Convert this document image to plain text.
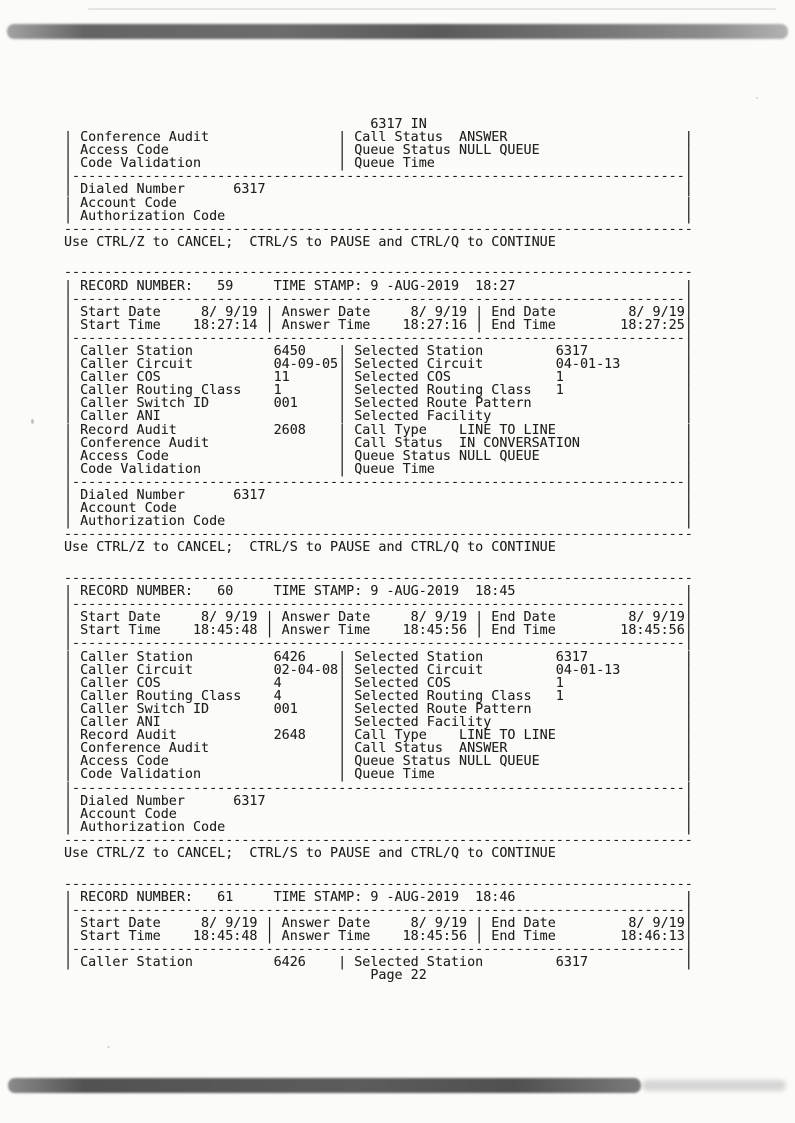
6317 IN
| Conference Audit                | Call Status  ANSWER                      |
| Access Code                     | Queue Status NULL QUEUE                  |
| Code Validation                 | Queue Time                               |
|----------------------------------------------------------------------------|
| Dialed Number      6317                                                    |
| Account Code                                                               |
| Authorization Code                                                         |
------------------------------------------------------------------------------
Use CTRL/Z to CANCEL;  CTRL/S to PAUSE and CTRL/Q to CONTINUE
------------------------------------------------------------------------------
| RECORD NUMBER:   59     TIME STAMP: 9 -AUG-2019  18:27                     |
|----------------------------------------------------------------------------|
| Start Date     8/ 9/19 | Answer Date     8/ 9/19 | End Date         8/ 9/19|
| Start Time    18:27:14 | Answer Time    18:27:16 | End Time        18:27:25|
|----------------------------------------------------------------------------|
| Caller Station          6450    | Selected Station         6317            |
| Caller Circuit          04-09-05| Selected Circuit         04-01-13        |
| Caller COS              11      | Selected COS             1               |
| Caller Routing Class    1       | Selected Routing Class   1               |
| Caller Switch ID        001     | Selected Route Pattern                   |
| Caller ANI                      | Selected Facility                        |
| Record Audit            2608    | Call Type    LINE TO LINE                |
| Conference Audit                | Call Status  IN CONVERSATION             |
| Access Code                     | Queue Status NULL QUEUE                  |
| Code Validation                 | Queue Time                               |
|----------------------------------------------------------------------------|
| Dialed Number      6317                                                    |
| Account Code                                                               |
| Authorization Code                                                         |
------------------------------------------------------------------------------
Use CTRL/Z to CANCEL;  CTRL/S to PAUSE and CTRL/Q to CONTINUE
------------------------------------------------------------------------------
| RECORD NUMBER:   60     TIME STAMP: 9 -AUG-2019  18:45                     |
|----------------------------------------------------------------------------|
| Start Date     8/ 9/19 | Answer Date     8/ 9/19 | End Date         8/ 9/19|
| Start Time    18:45:48 | Answer Time    18:45:56 | End Time        18:45:56|
|----------------------------------------------------------------------------|
| Caller Station          6426    | Selected Station         6317            |
| Caller Circuit          02-04-08| Selected Circuit         04-01-13        |
| Caller COS              4       | Selected COS             1               |
| Caller Routing Class    4       | Selected Routing Class   1               |
| Caller Switch ID        001     | Selected Route Pattern                   |
| Caller ANI                      | Selected Facility                        |
| Record Audit            2648    | Call Type    LINE TO LINE                |
| Conference Audit                | Call Status  ANSWER                      |
| Access Code                     | Queue Status NULL QUEUE                  |
| Code Validation                 | Queue Time                               |
|----------------------------------------------------------------------------|
| Dialed Number      6317                                                    |
| Account Code                                                               |
| Authorization Code                                                         |
------------------------------------------------------------------------------
Use CTRL/Z to CANCEL;  CTRL/S to PAUSE and CTRL/Q to CONTINUE
------------------------------------------------------------------------------
| RECORD NUMBER:   61     TIME STAMP: 9 -AUG-2019  18:46                     |
|----------------------------------------------------------------------------|
| Start Date     8/ 9/19 | Answer Date     8/ 9/19 | End Date         8/ 9/19|
| Start Time    18:45:48 | Answer Time    18:45:56 | End Time        18:46:13|
|----------------------------------------------------------------------------|
| Caller Station          6426    | Selected Station         6317            |
Page 22
